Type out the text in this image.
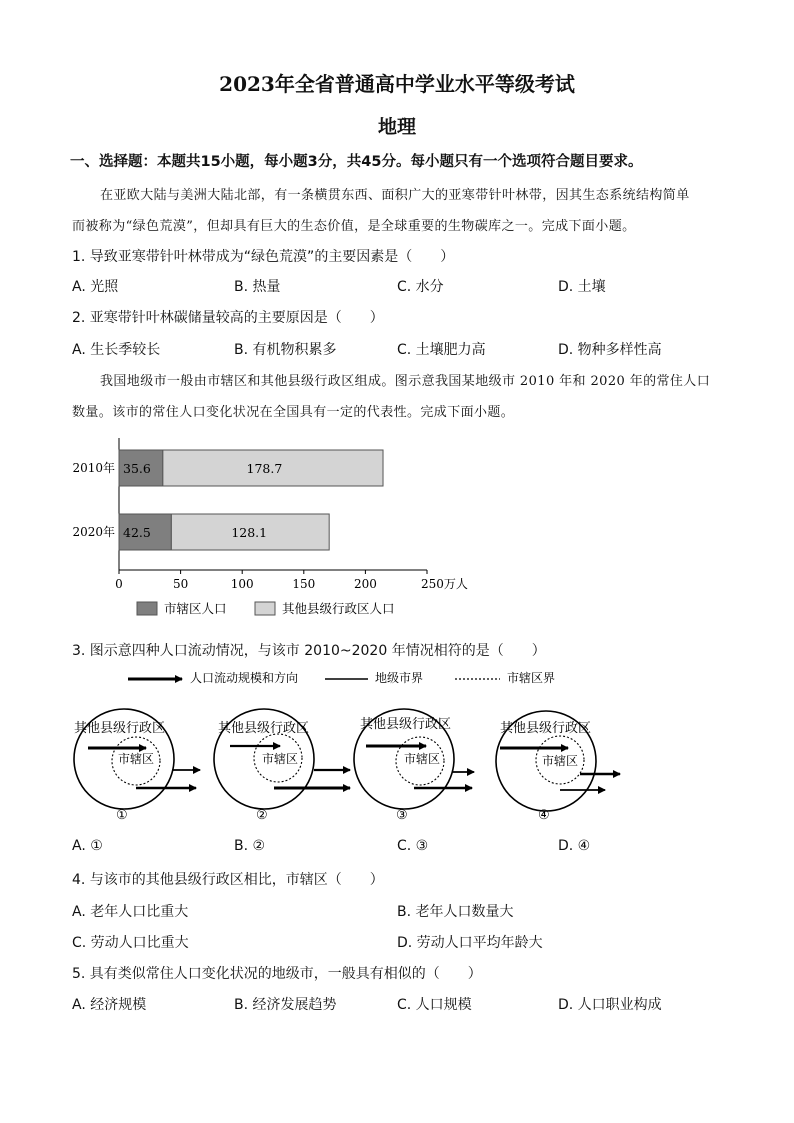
2023年全省普通高中学业水平等级考试
地理
一、选择题：本题共15小题，每小题3分，共45分。每小题只有一个选项符合题目要求。
在亚欧大陆与美洲大陆北部，有一条横贯东西、面积广大的亚寒带针叶林带，因其生态系统结构简单
而被称为“绿色荒漠”，但却具有巨大的生态价值，是全球重要的生物碳库之一。完成下面小题。
1. 导致亚寒带针叶林带成为“绿色荒漠”的主要因素是（　　）
A. 光照	B. 热量	C. 水分	D. 土壤
2. 亚寒带针叶林碳储量较高的主要原因是（　　）
A. 生长季较长	B. 有机物积累多	C. 土壤肥力高	D. 物种多样性高
我国地级市一般由市辖区和其他县级行政区组成。图示意我国某地级市 2010 年和 2020 年的常住人口
数量。该市的常住人口变化状况在全国具有一定的代表性。完成下面小题。
0	50	100	150	200	250万人
2010年 35.6	178.7
2020年 42.5	128.1
市辖区人口	其他县级行政区人口
3. 图示意四种人口流动情况，与该市 2010~2020 年情况相符的是（　　）
人口流动规模和方向	地级市界	市辖区界
其他县级行政区
市辖区
①
其他县级行政区
市辖区
②
其他县级行政区
市辖区
③
其他县级行政区
市辖区
④
A. ①	B. ②	C. ③	D. ④
4. 与该市的其他县级行政区相比，市辖区（　　）
A. 老年人口比重大	B. 老年人口数量大
C. 劳动人口比重大	D. 劳动人口平均年龄大
5. 具有类似常住人口变化状况的地级市，一般具有相似的（　　）
A. 经济规模	B. 经济发展趋势	C. 人口规模	D. 人口职业构成
